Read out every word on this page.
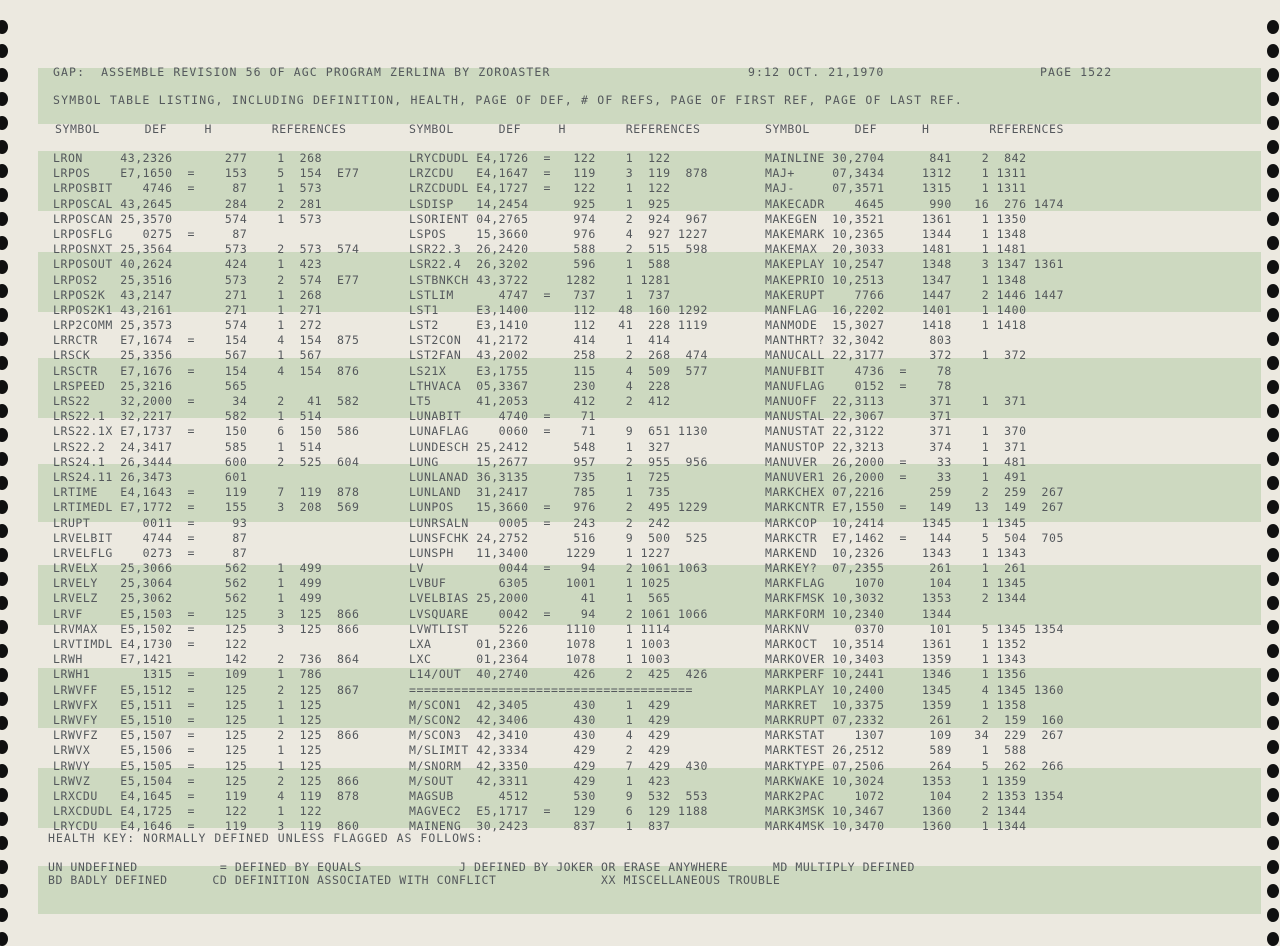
GAP:  ASSEMBLE REVISION 56 OF AGC PROGRAM ZERLINA BY ZOROASTER	9:12 OCT. 21,1970	PAGE 1522
SYMBOL TABLE LISTING, INCLUDING DEFINITION, HEALTH, PAGE OF DEF, # OF REFS, PAGE OF FIRST REF, PAGE OF LAST REF.
SYMBOL      DEF     H        REFERENCES	SYMBOL      DEF     H        REFERENCES	SYMBOL      DEF      H        REFERENCES
LRON     43,2326       277    1  268
LRPOS    E7,1650  =    153    5  154  E77
LRPOSBIT    4746  =     87    1  573
LRPOSCAL 43,2645       284    2  281
LRPOSCAN 25,3570       574    1  573
LRPOSFLG    0275  =     87
LRPOSNXT 25,3564       573    2  573  574
LRPOSOUT 40,2624       424    1  423
LRPOS2   25,3516       573    2  574  E77
LRPOS2K  43,2147       271    1  268
LRPOS2K1 43,2161       271    1  271
LRP2COMM 25,3573       574    1  272
LRRCTR   E7,1674  =    154    4  154  875
LRSCK    25,3356       567    1  567
LRSCTR   E7,1676  =    154    4  154  876
LRSPEED  25,3216       565
LRS22    32,2000  =     34    2   41  582
LRS22.1  32,2217       582    1  514
LRS22.1X E7,1737  =    150    6  150  586
LRS22.2  24,3417       585    1  514
LRS24.1  26,3444       600    2  525  604
LRS24.11 26,3473       601
LRTIME   E4,1643  =    119    7  119  878
LRTIMEDL E7,1772  =    155    3  208  569
LRUPT       0011  =     93
LRVELBIT    4744  =     87
LRVELFLG    0273  =     87
LRVELX   25,3066       562    1  499
LRVELY   25,3064       562    1  499
LRVELZ   25,3062       562    1  499
LRVF     E5,1503  =    125    3  125  866
LRVMAX   E5,1502  =    125    3  125  866
LRVTIMDL E4,1730  =    122
LRWH     E7,1421       142    2  736  864
LRWH1       1315  =    109    1  786
LRWVFF   E5,1512  =    125    2  125  867
LRWVFX   E5,1511  =    125    1  125
LRWVFY   E5,1510  =    125    1  125
LRWVFZ   E5,1507  =    125    2  125  866
LRWVX    E5,1506  =    125    1  125
LRWVY    E5,1505  =    125    1  125
LRWVZ    E5,1504  =    125    2  125  866
LRXCDU   E4,1645  =    119    4  119  878
LRXCDUDL E4,1725  =    122    1  122
LRYCDU   E4,1646  =    119    3  119  860
LRYCDUDL E4,1726  =   122    1  122
LRZCDU   E4,1647  =   119    3  119  878
LRZCDUDL E4,1727  =   122    1  122
LSDISP   14,2454      925    1  925
LSORIENT 04,2765      974    2  924  967
LSPOS    15,3660      976    4  927 1227
LSR22.3  26,2420      588    2  515  598
LSR22.4  26,3202      596    1  588
LSTBNKCH 43,3722     1282    1 1281
LSTLIM      4747  =   737    1  737
LST1     E3,1400      112   48  160 1292
LST2     E3,1410      112   41  228 1119
LST2CON  41,2172      414    1  414
LST2FAN  43,2002      258    2  268  474
LS21X    E3,1755      115    4  509  577
LTHVACA  05,3367      230    4  228
LT5      41,2053      412    2  412
LUNABIT     4740  =    71
LUNAFLAG    0060  =    71    9  651 1130
LUNDESCH 25,2412      548    1  327
LUNG     15,2677      957    2  955  956
LUNLANAD 36,3135      735    1  725
LUNLAND  31,2417      785    1  735
LUNPOS   15,3660  =   976    2  495 1229
LUNRSALN    0005  =   243    2  242
LUNSFCHK 24,2752      516    9  500  525
LUNSPH   11,3400     1229    1 1227
LV          0044  =    94    2 1061 1063
LVBUF       6305     1001    1 1025
LVELBIAS 25,2000       41    1  565
LVSQUARE    0042  =    94    2 1061 1066
LVWTLIST    5226     1110    1 1114
LXA      01,2360     1078    1 1003
LXC      01,2364     1078    1 1003
L14/OUT  40,2740      426    2  425  426
======================================
M/SCON1  42,3405      430    1  429
M/SCON2  42,3406      430    1  429
M/SCON3  42,3410      430    4  429
M/SLIMIT 42,3334      429    2  429
M/SNORM  42,3350      429    7  429  430
M/SOUT   42,3311      429    1  423
MAGSUB      4512      530    9  532  553
MAGVEC2  E5,1717  =   129    6  129 1188
MAINENG  30,2423      837    1  837
MAINLINE 30,2704      841    2  842
MAJ+     07,3434     1312    1 1311
MAJ-     07,3571     1315    1 1311
MAKECADR    4645      990   16  276 1474
MAKEGEN  10,3521     1361    1 1350
MAKEMARK 10,2365     1344    1 1348
MAKEMAX  20,3033     1481    1 1481
MAKEPLAY 10,2547     1348    3 1347 1361
MAKEPRIO 10,2513     1347    1 1348
MAKERUPT    7766     1447    2 1446 1447
MANFLAG  16,2202     1401    1 1400
MANMODE  15,3027     1418    1 1418
MANTHRT? 32,3042      803
MANUCALL 22,3177      372    1  372
MANUFBIT    4736  =    78
MANUFLAG    0152  =    78
MANUOFF  22,3113      371    1  371
MANUSTAL 22,3067      371
MANUSTAT 22,3122      371    1  370
MANUSTOP 22,3213      374    1  371
MANUVER  26,2000  =    33    1  481
MANUVER1 26,2000  =    33    1  491
MARKCHEX 07,2216      259    2  259  267
MARKCNTR E7,1550  =   149   13  149  267
MARKCOP  10,2414     1345    1 1345
MARKCTR  E7,1462  =   144    5  504  705
MARKEND  10,2326     1343    1 1343
MARKEY?  07,2355      261    1  261
MARKFLAG    1070      104    1 1345
MARKFMSK 10,3032     1353    2 1344
MARKFORM 10,2340     1344
MARKNV      0370      101    5 1345 1354
MARKOCT  10,3514     1361    1 1352
MARKOVER 10,3403     1359    1 1343
MARKPERF 10,2441     1346    1 1356
MARKPLAY 10,2400     1345    4 1345 1360
MARKRET  10,3375     1359    1 1358
MARKRUPT 07,2332      261    2  159  160
MARKSTAT    1307      109   34  229  267
MARKTEST 26,2512      589    1  588
MARKTYPE 07,2506      264    5  262  266
MARKWAKE 10,3024     1353    1 1359
MARK2PAC    1072      104    2 1353 1354
MARK3MSK 10,3467     1360    2 1344
MARK4MSK 10,3470     1360    1 1344
HEALTH KEY: NORMALLY DEFINED UNLESS FLAGGED AS FOLLOWS:
UN UNDEFINED           = DEFINED BY EQUALS             J DEFINED BY JOKER OR ERASE ANYWHERE      MD MULTIPLY DEFINED
BD BADLY DEFINED      CD DEFINITION ASSOCIATED WITH CONFLICT              XX MISCELLANEOUS TROUBLE
